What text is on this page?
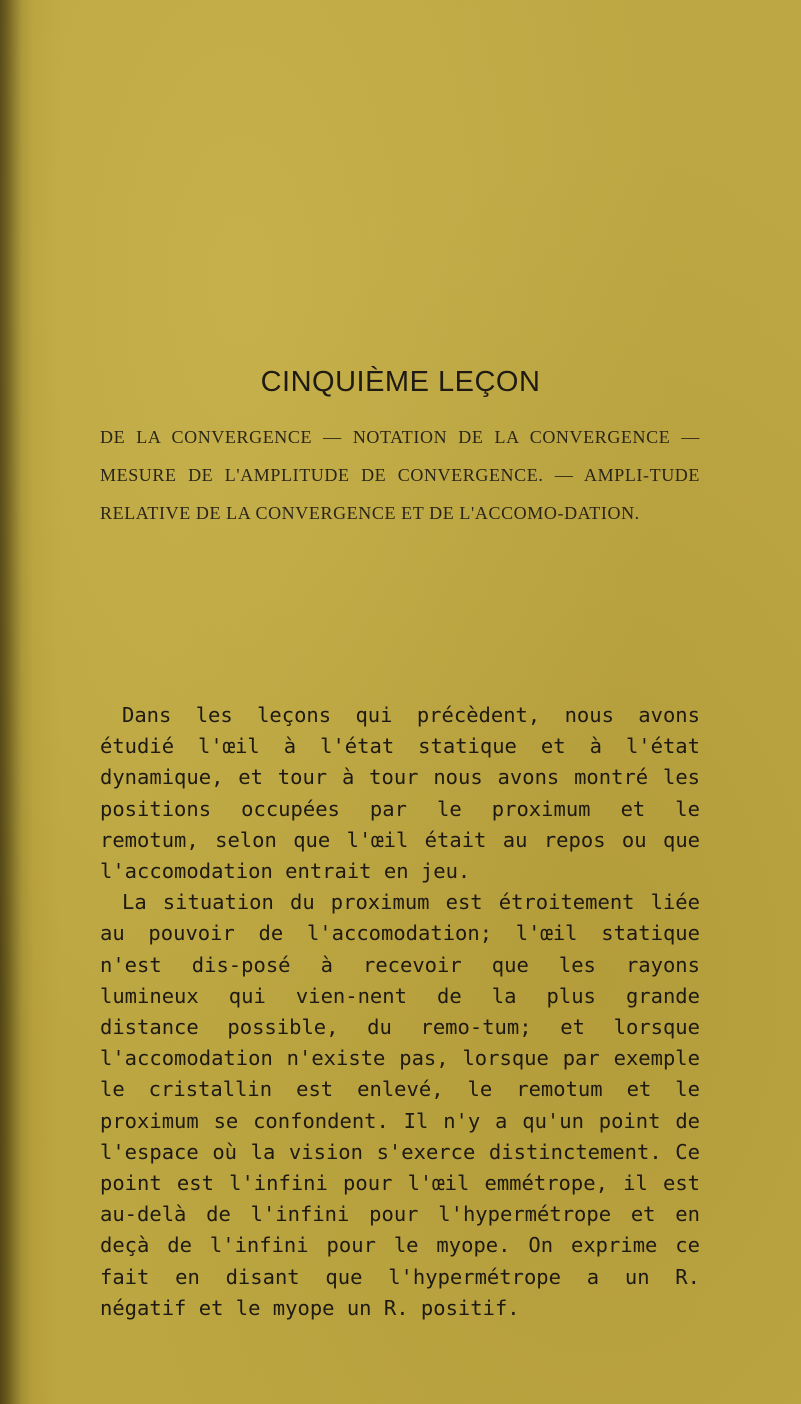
CINQUIÈME LEÇON

DE LA CONVERGENCE — NOTATION DE LA CONVERGENCE — MESURE DE L'AMPLITUDE DE CONVERGENCE. — AMPLI-TUDE RELATIVE DE LA CONVERGENCE ET DE L'ACCOMO-DATION.

Dans les leçons qui précèdent, nous avons étudié l'œil à l'état statique et à l'état dynamique, et tour à tour nous avons montré les positions occupées par le proximum et le remotum, selon que l'œil était au repos ou que l'accomodation entrait en jeu.

La situation du proximum est étroitement liée au pouvoir de l'accomodation; l'œil statique n'est dis-posé à recevoir que les rayons lumineux qui vien-nent de la plus grande distance possible, du remo-tum; et lorsque l'accomodation n'existe pas, lorsque par exemple le cristallin est enlevé, le remotum et le proximum se confondent. Il n'y a qu'un point de l'espace où la vision s'exerce distinctement. Ce point est l'infini pour l'œil emmétrope, il est au-delà de l'infini pour l'hypermétrope et en deçà de l'infini pour le myope. On exprime ce fait en disant que l'hypermétrope a un R. négatif et le myope un R. positif.
